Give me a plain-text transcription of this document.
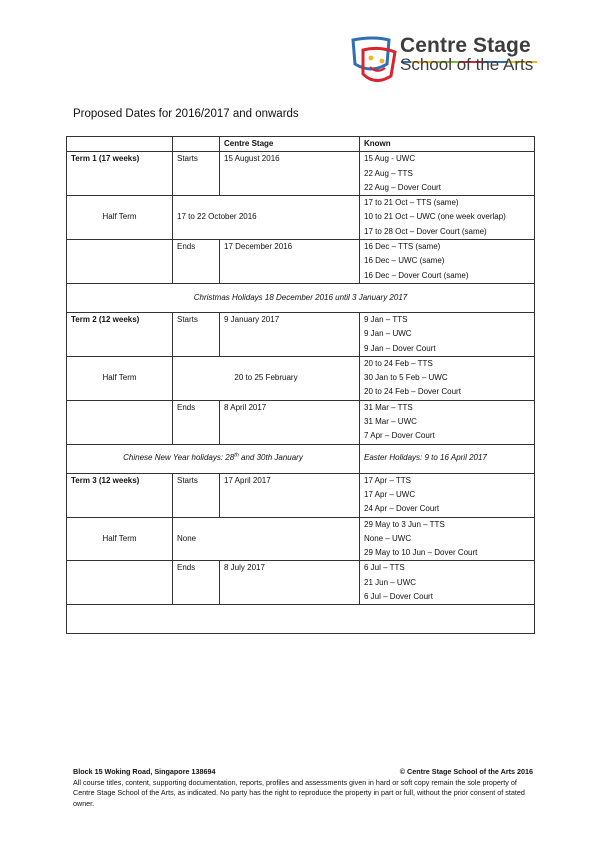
Centre Stage
School of the Arts
Proposed Dates for 2016/2017 and onwards
		Centre Stage	Known
Term 1 (17 weeks)	Starts	15 August 2016	15 Aug - UWC
22 Aug – TTS
22 Aug – Dover Court

Half Term	17 to 22 October 2016		17 to 21 Oct – TTS (same)
10 to 21 Oct – UWC (one week overlap)
17 to 28 Oct – Dover Court (same)

	Ends	17 December 2016	16 Dec – TTS (same)
16 Dec – UWC (same)
16 Dec – Dover Court (same)

Christmas Holidays 18 December 2016 until 3 January 2017			
Term 2 (12 weeks)	Starts	9 January 2017	9 Jan – TTS
9 Jan – UWC
9 Jan – Dover Court

Half Term	20 to 25 February		20 to 24 Feb – TTS
30 Jan to 5 Feb – UWC
20 to 24 Feb – Dover Court

	Ends	8 April 2017	31 Mar – TTS
31 Mar – UWC
7 Apr – Dover Court

Chinese New Year holidays: 28th and 30th January			Easter Holidays: 9 to 16 April 2017
Term 3 (12 weeks)	Starts	17 April 2017	17 Apr – TTS
17 Apr – UWC
24 Apr – Dover Court

Half Term	None		29 May to 3 Jun – TTS
None – UWC
29 May to 10 Jun – Dover Court

	Ends	8 July 2017	6 Jul – TTS
21 Jun – UWC
6 Jul – Dover Court

Block 15 Woking Road, Singapore 138694	© Centre Stage School of the Arts 2016
All course titles, content, supporting documentation, reports, profiles and assessments given in hard or soft copy remain the sole property of Centre Stage School of the Arts, as indicated. No party has the right to reproduce the property in part or full, without the prior consent of stated owner.
